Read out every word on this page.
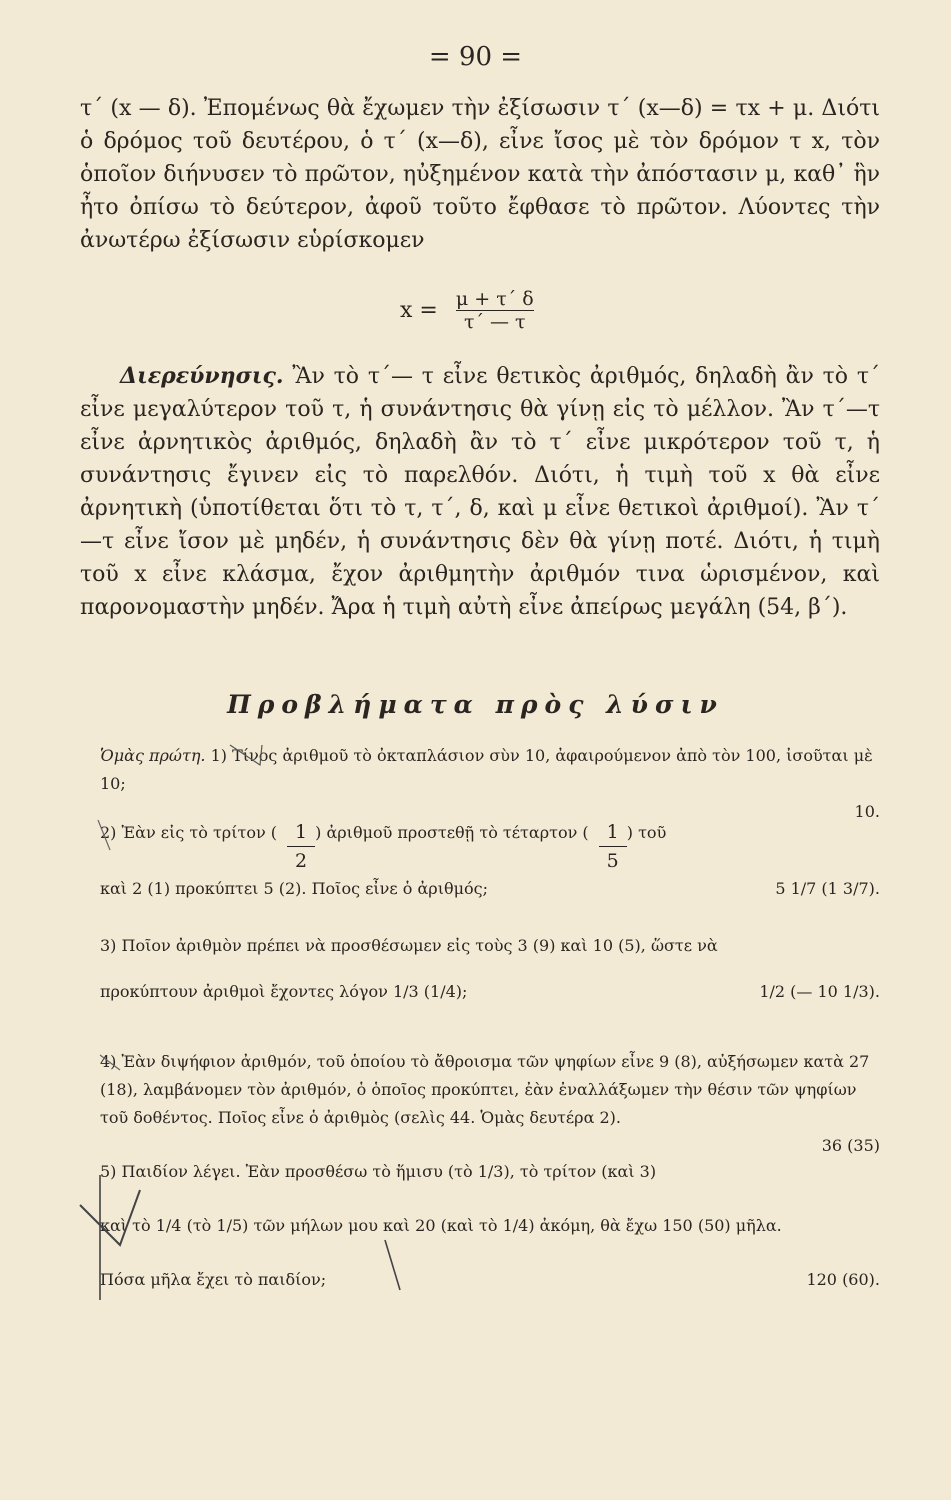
= 90 =
τ΄ (x — δ). Ἐπομένως θὰ ἔχωμεν τὴν ἐξίσωσιν τ΄ (x—δ) = τx + μ. Διότι ὁ δρόμος τοῦ δευτέρου, ὁ τ΄ (x—δ), εἶνε ἴσος μὲ τὸν δρόμον τ x, τὸν ὁποῖον διήνυσεν τὸ πρῶτον, ηὐξημένον κατὰ τὴν ἀπόστασιν μ, καθ᾽ ἣν ἦτο ὀπίσω τὸ δεύτερον, ἀφοῦ τοῦτο ἔφθασε τὸ πρῶτον. Λύοντες τὴν ἀνωτέρω ἐξίσωσιν εὑρίσκομεν
$x = \frac{\mu + \tau΄ \delta}{\tau΄ — \tau}$
Διερεύνησις. Ἂν τὸ τ΄— τ εἶνε θετικὸς ἀριθμός, δηλαδὴ ἂν τὸ τ΄ εἶνε μεγαλύτερον τοῦ τ, ἡ συνάντησις θὰ γίνῃ εἰς τὸ μέλλον. Ἂν τ΄—τ εἶνε ἀρνητικὸς ἀριθμός, δηλαδὴ ἂν τὸ τ΄ εἶνε μικρότερον τοῦ τ, ἡ συνάντησις ἔγινεν εἰς τὸ παρελθόν. Διότι, ἡ τιμὴ τοῦ x θὰ εἶνε ἀρνητικὴ (ὑποτίθεται ὅτι τὸ τ, τ΄, δ, καὶ μ εἶνε θετικοὶ ἀριθμοί). Ἂν τ΄—τ εἶνε ἴσον μὲ μηδέν, ἡ συνάντησις δὲν θὰ γίνῃ ποτέ. Διότι, ἡ τιμὴ τοῦ x εἶνε κλάσμα, ἔχον ἀριθμητὴν ἀριθμόν τινα ὡρισμένον, καὶ παρονομαστὴν μηδέν. Ἄρα ἡ τιμὴ αὐτὴ εἶνε ἀπείρως μεγάλη (54, β΄).
Προβλήματα πρὸς λύσιν
Ὁμὰς πρώτη. 1) Τίνος ἀριθμοῦ τὸ ὀκταπλάσιον σὺν 10, ἀφαιρούμενον ἀπὸ τὸν 100, ἰσοῦται μὲ 10;
10.
2) Ἐὰν εἰς τὸ τρίτον ( $\frac{1}{2}$ ) ἀριθμοῦ προστεθῇ τὸ τέταρτον ( $\frac{1}{5}$ ) τοῦ
καὶ 2 (1) προκύπτει 5 (2). Ποῖος εἶνε ὁ ἀριθμός;	5 1/7 (1 3/7).
3) Ποῖον ἀριθμὸν πρέπει νὰ προσθέσωμεν εἰς τοὺς 3 (9) καὶ 10 (5), ὥστε νὰ
προκύπτουν ἀριθμοὶ ἔχοντες λόγον 1/3 (1/4);	1/2 (— 10 1/3).
4) Ἐὰν διψήφιον ἀριθμόν, τοῦ ὁποίου τὸ ἄθροισμα τῶν ψηφίων εἶνε 9 (8), αὐξήσωμεν κατὰ 27 (18), λαμβάνομεν τὸν ἀριθμόν, ὁ ὁποῖος προκύπτει, ἐὰν ἐναλλάξωμεν τὴν θέσιν τῶν ψηφίων τοῦ δοθέντος. Ποῖος εἶνε ὁ ἀριθμὸς (σελὶς 44. Ὁμὰς δευτέρα 2).
36 (35)
5) Παιδίον λέγει. Ἐὰν προσθέσω τὸ ἥμισυ (τὸ 1/3), τὸ τρίτον (καὶ 3)
καὶ τὸ 1/4 (τὸ 1/5) τῶν μήλων μου καὶ 20 (καὶ τὸ 1/4) ἀκόμη, θὰ ἔχω 150 (50) μῆλα.
Πόσα μῆλα ἔχει τὸ παιδίον;	120 (60).
